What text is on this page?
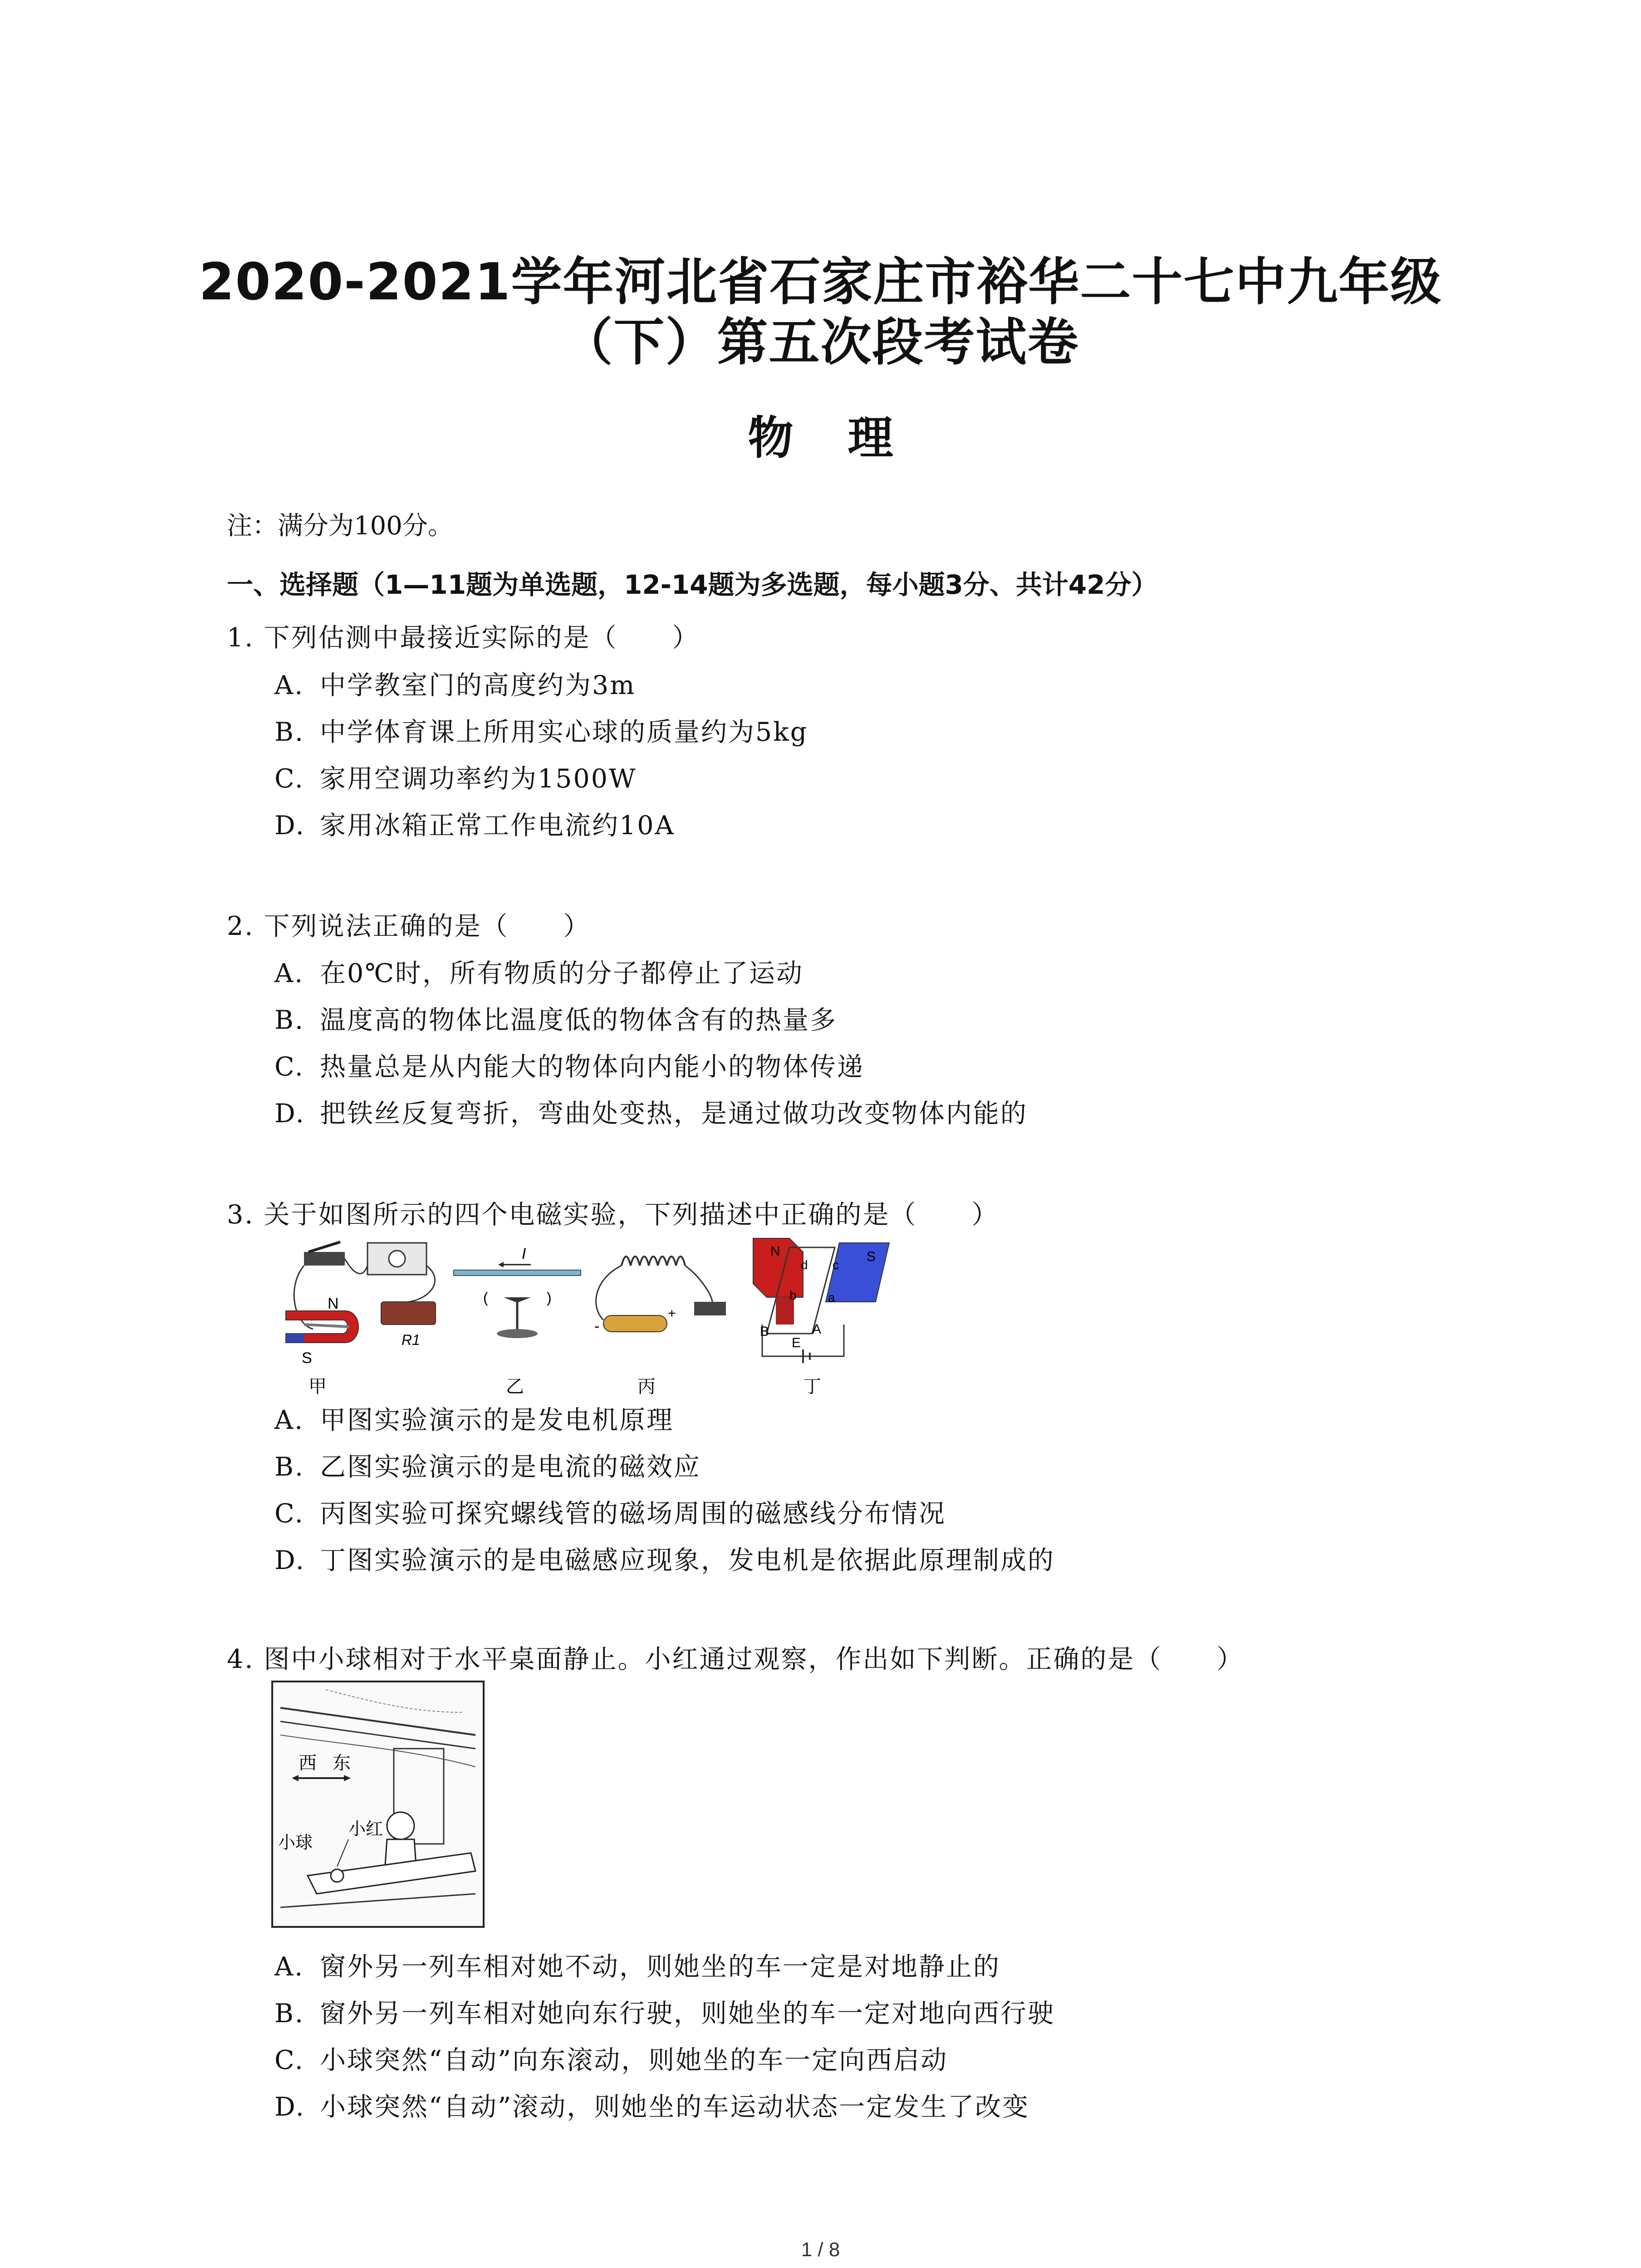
2020-2021学年河北省石家庄市裕华二十七中九年级
（下）第五次段考试卷
物理
注：满分为100分。
一、选择题（1—11题为单选题，12-14题为多选题，每小题3分、共计42分）
1. 下列估测中最接近实际的是（　　）
A. 中学教室门的高度约为3m
B. 中学体育课上所用实心球的质量约为5kg
C. 家用空调功率约为1500W
D. 家用冰箱正常工作电流约10A
2. 下列说法正确的是（　　）
A. 在0℃时，所有物质的分子都停止了运动
B. 温度高的物体比温度低的物体含有的热量多
C. 热量总是从内能大的物体向内能小的物体传递
D. 把铁丝反复弯折，弯曲处变热，是通过做功改变物体内能的
3. 关于如图所示的四个电磁实验，下列描述中正确的是（　　）
N
S
R1
甲
I
(	)
乙
-
+
丙
N	S
d c
b a
B	A
E
丁
A. 甲图实验演示的是发电机原理
B. 乙图实验演示的是电流的磁效应
C. 丙图实验可探究螺线管的磁场周围的磁感线分布情况
D. 丁图实验演示的是电磁感应现象，发电机是依据此原理制成的
4. 图中小球相对于水平桌面静止。小红通过观察，作出如下判断。正确的是（　　）
西 东
小球
小红
A. 窗外另一列车相对她不动，则她坐的车一定是对地静止的
B. 窗外另一列车相对她向东行驶，则她坐的车一定对地向西行驶
C. 小球突然“自动”向东滚动，则她坐的车一定向西启动
D. 小球突然“自动”滚动，则她坐的车运动状态一定发生了改变
1 / 8
